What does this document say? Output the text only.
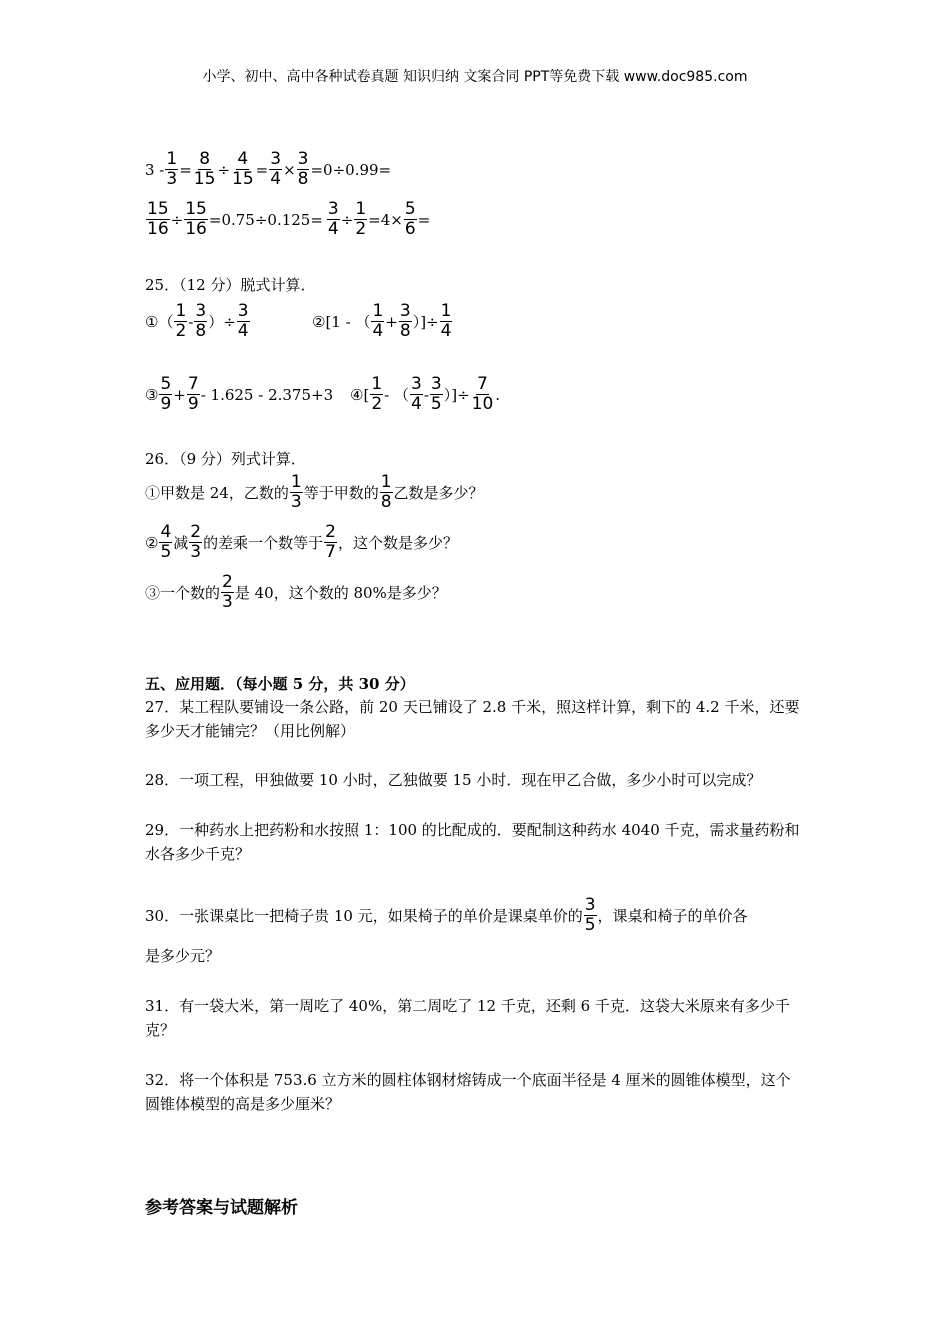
小学、初中、高中各种试卷真题 知识归纳 文案合同 PPT等免费下载 www.doc985.com
$3 - \frac{1}{3} = \frac{8}{15} \div \frac{4}{15} = \frac{3}{4} \times \frac{3}{8} = 0\div 0.99=$
$\frac{15}{16} \div \frac{15}{16} = 0.75\div 0.125= \frac{3}{4} \div \frac{1}{2} = 4\times \frac{5}{6}$ =
25．（12 分）脱式计算．
①（ $\frac{1}{2} - \frac{3}{8}$ ）÷ $\frac{3}{4}$	②[1 - （ $\frac{1}{4} + \frac{3}{8}$ ）]÷ $\frac{1}{4}$
③ $\frac{5}{9} + \frac{7}{9} - 1.625 - 2.375+3$ ④[ $\frac{1}{2}$ - （ $\frac{3}{4} - \frac{3}{5}$ ）]÷ $\frac{7}{10}$ .
26．（9 分）列式计算．
①甲数是 24，乙数的 $\frac{1}{3}$ 等于甲数的 $\frac{1}{8}$ 乙数是多少？
② $\frac{4}{5}$ 减 $\frac{2}{3}$ 的差乘一个数等于 $\frac{2}{7}$ ，这个数是多少？
③一个数的 $\frac{2}{3}$ 是 40，这个数的 80%是多少？
五、应用题．（每小题 5 分，共 30 分）
27．某工程队要铺设一条公路，前 20 天已铺设了 2.8 千米，照这样计算，剩下的 4.2 千米，还要多少天才能铺完？（用比例解）
28．一项工程，甲独做要 10 小时，乙独做要 15 小时．现在甲乙合做，多少小时可以完成？
29．一种药水上把药粉和水按照 1：100 的比配成的．要配制这种药水 4040 千克，需求量药粉和水各多少千克？
30．一张课桌比一把椅子贵 10 元，如果椅子的单价是课桌单价的 $\frac{3}{5}$ ，课桌和椅子的单价各
是多少元？
31．有一袋大米，第一周吃了 40%，第二周吃了 12 千克，还剩 6 千克．这袋大米原来有多少千克？
32．将一个体积是 753.6 立方米的圆柱体钢材熔铸成一个底面半径是 4 厘米的圆锥体模型，这个圆锥体模型的高是多少厘米？
参考答案与试题解析
